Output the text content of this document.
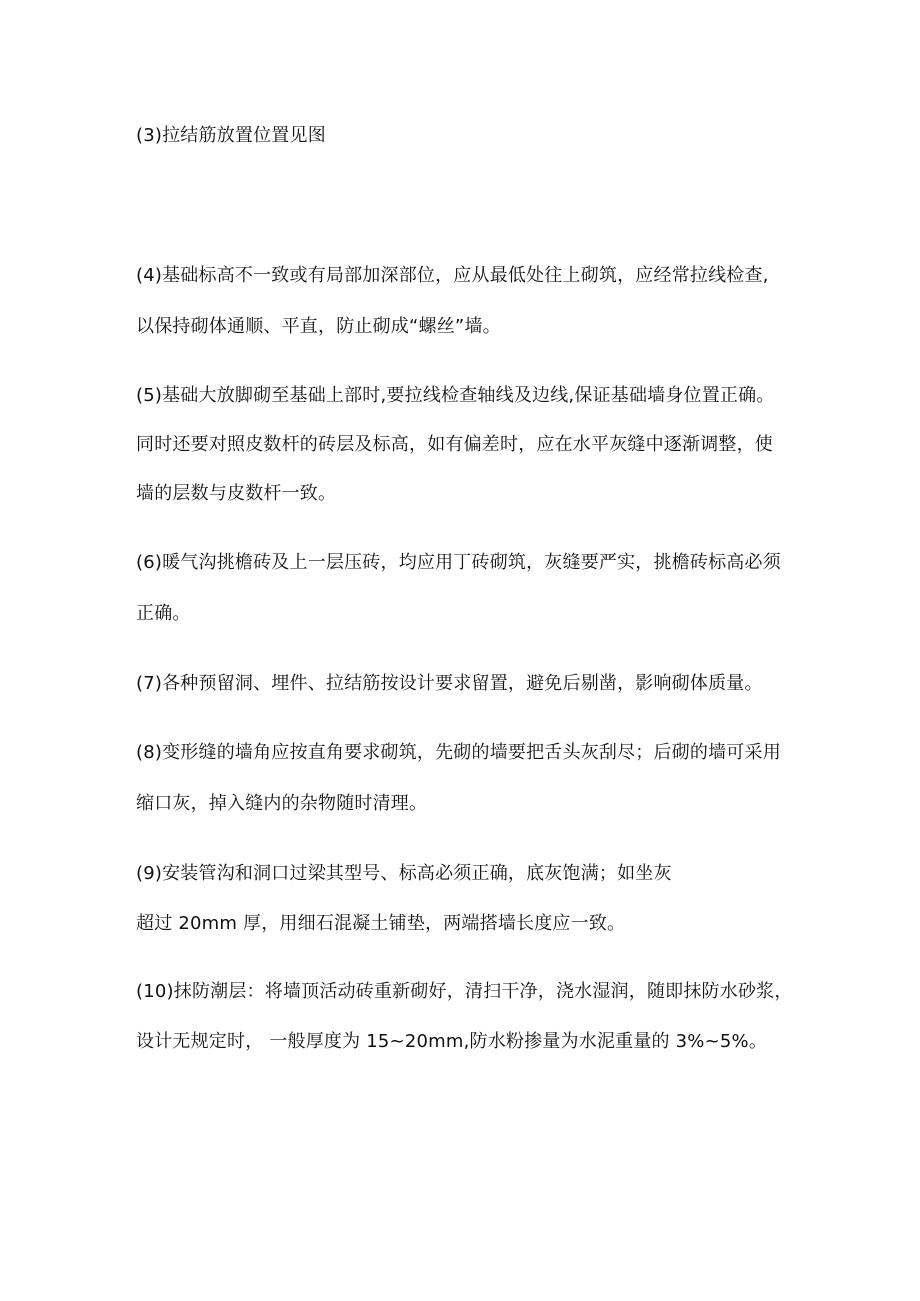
(3)拉结筋放置位置见图
(4)基础标高不一致或有局部加深部位，应从最低处往上砌筑，应经常拉线检查,
以保持砌体通顺、平直，防止砌成“螺丝”墙。
(5)基础大放脚砌至基础上部时,要拉线检查轴线及边线,保证基础墙身位置正确。
同时还要对照皮数杆的砖层及标高，如有偏差时，应在水平灰缝中逐渐调整，使
墙的层数与皮数杆一致。
(6)暖气沟挑檐砖及上一层压砖，均应用丁砖砌筑，灰缝要严实，挑檐砖标高必须
正确。
(7)各种预留洞、埋件、拉结筋按设计要求留置，避免后剔凿，影响砌体质量。
(8)变形缝的墙角应按直角要求砌筑，先砌的墙要把舌头灰刮尽；后砌的墙可采用
缩口灰，掉入缝内的杂物随时清理。
(9)安装管沟和洞口过梁其型号、标高必须正确，底灰饱满；如坐灰
超过 20mm 厚，用细石混凝土铺垫，两端搭墙长度应一致。
(10)抹防潮层：将墙顶活动砖重新砌好，清扫干净，浇水湿润，随即抹防水砂浆，
设计无规定时， 一般厚度为 15~20mm,防水粉掺量为水泥重量的 3%~5%。
